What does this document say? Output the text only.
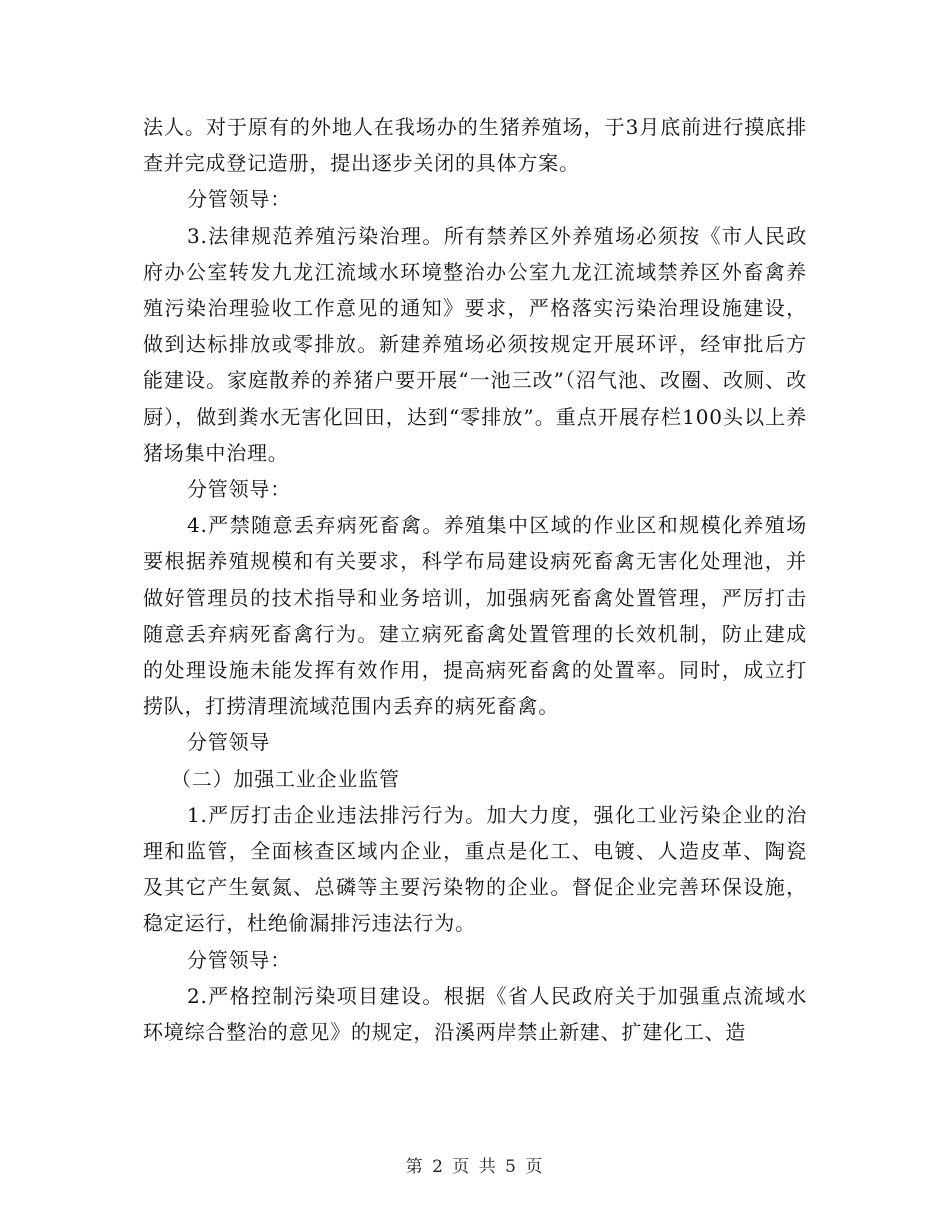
法人。对于原有的外地人在我场办的生猪养殖场，于3月底前进行摸底排查并完成登记造册，提出逐步关闭的具体方案。

分管领导：

3.法律规范养殖污染治理。所有禁养区外养殖场必须按《市人民政府办公室转发九龙江流域水环境整治办公室九龙江流域禁养区外畜禽养殖污染治理验收工作意见的通知》要求，严格落实污染治理设施建设，做到达标排放或零排放。新建养殖场必须按规定开展环评，经审批后方能建设。家庭散养的养猪户要开展“一池三改”（沼气池、改圈、改厕、改厨），做到粪水无害化回田，达到“零排放”。重点开展存栏100头以上养猪场集中治理。

分管领导：

4.严禁随意丢弃病死畜禽。养殖集中区域的作业区和规模化养殖场要根据养殖规模和有关要求，科学布局建设病死畜禽无害化处理池，并做好管理员的技术指导和业务培训，加强病死畜禽处置管理，严厉打击随意丢弃病死畜禽行为。建立病死畜禽处置管理的长效机制，防止建成的处理设施未能发挥有效作用，提高病死畜禽的处置率。同时，成立打捞队，打捞清理流域范围内丢弃的病死畜禽。

分管领导

（二）加强工业企业监管

1.严厉打击企业违法排污行为。加大力度，强化工业污染企业的治理和监管，全面核查区域内企业，重点是化工、电镀、人造皮革、陶瓷及其它产生氨氮、总磷等主要污染物的企业。督促企业完善环保设施，稳定运行，杜绝偷漏排污违法行为。

分管领导：

2.严格控制污染项目建设。根据《省人民政府关于加强重点流域水环境综合整治的意见》的规定，沿溪两岸禁止新建、扩建化工、造

第 2 页 共 5 页
